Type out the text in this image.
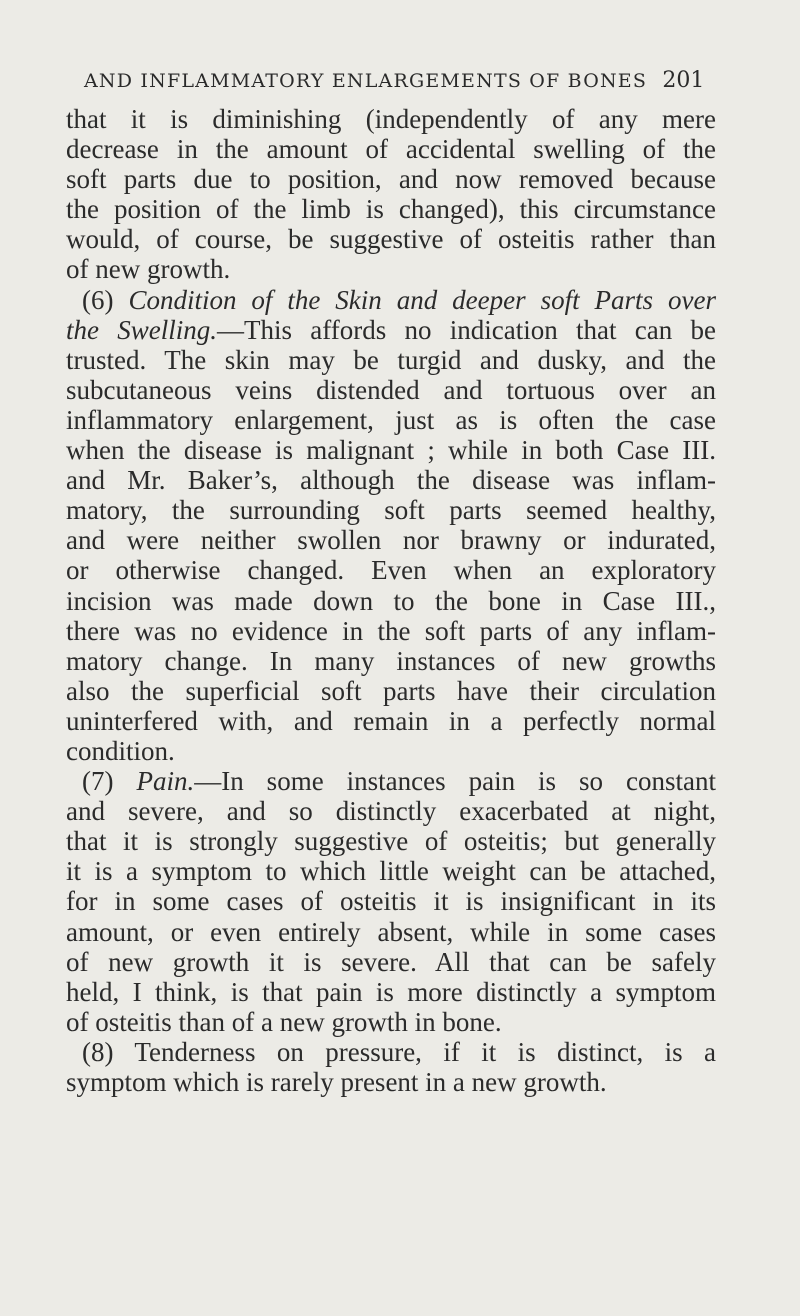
AND INFLAMMATORY ENLARGEMENTS OF BONES 201
that it is diminishing (independently of any mere
decrease in the amount of accidental swelling of the
soft parts due to position, and now removed because
the position of the limb is changed), this circumstance
would, of course, be suggestive of osteitis rather than
of new growth.
(6) Condition of the Skin and deeper soft Parts over
the Swelling.—This affords no indication that can be
trusted. The skin may be turgid and dusky, and the
subcutaneous veins distended and tortuous over an
inflammatory enlargement, just as is often the case
when the disease is malignant ; while in both Case III.
and Mr. Baker’s, although the disease was inflam-
matory, the surrounding soft parts seemed healthy,
and were neither swollen nor brawny or indurated,
or otherwise changed. Even when an exploratory
incision was made down to the bone in Case III.,
there was no evidence in the soft parts of any inflam-
matory change. In many instances of new growths
also the superficial soft parts have their circulation
uninterfered with, and remain in a perfectly normal
condition.
(7) Pain.—In some instances pain is so constant
and severe, and so distinctly exacerbated at night,
that it is strongly suggestive of osteitis; but generally
it is a symptom to which little weight can be attached,
for in some cases of osteitis it is insignificant in its
amount, or even entirely absent, while in some cases
of new growth it is severe. All that can be safely
held, I think, is that pain is more distinctly a symptom
of osteitis than of a new growth in bone.
(8) Tenderness on pressure, if it is distinct, is a
symptom which is rarely present in a new growth.
